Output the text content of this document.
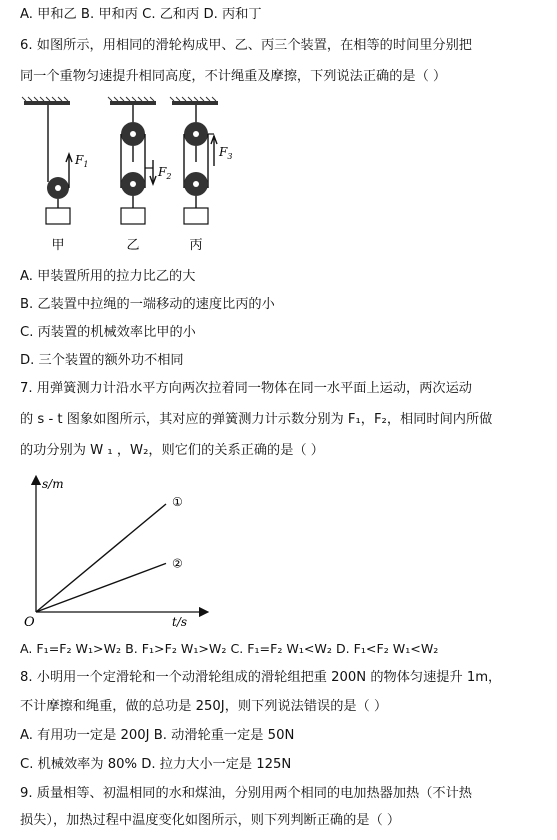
A. 甲和乙 B. 甲和丙 C. 乙和丙 D. 丙和丁
6. 如图所示，用相同的滑轮构成甲、乙、丙三个装置，在相等的时间里分别把
同一个重物匀速提升相同高度，不计绳重及摩擦，下列说法正确的是（ ）
$F_1$
甲
$F_2$
乙
$F_3$
丙
A. 甲装置所用的拉力比乙的大
B. 乙装置中拉绳的一端移动的速度比丙的小
C. 丙装置的机械效率比甲的小
D. 三个装置的额外功不相同
7. 用弹簧测力计沿水平方向两次拉着同一物体在同一水平面上运动，两次运动
的 s - t 图象如图所示，其对应的弹簧测力计示数分别为 F₁，F₂，相同时间内所做
的功分别为 W ₁ ，W₂，则它们的关系正确的是（ ）
s/m
t/s
O
①
②
A. F₁=F₂ W₁>W₂ B. F₁>F₂ W₁>W₂ C. F₁=F₂ W₁<W₂ D. F₁<F₂ W₁<W₂
8. 小明用一个定滑轮和一个动滑轮组成的滑轮组把重 200N 的物体匀速提升 1m，
不计摩擦和绳重，做的总功是 250J，则下列说法错误的是（ ）
A. 有用功一定是 200J B. 动滑轮重一定是 50N
C. 机械效率为 80% D. 拉力大小一定是 125N
9. 质量相等、初温相同的水和煤油，分别用两个相同的电加热器加热（不计热
损失），加热过程中温度变化如图所示，则下列判断正确的是（ ）
